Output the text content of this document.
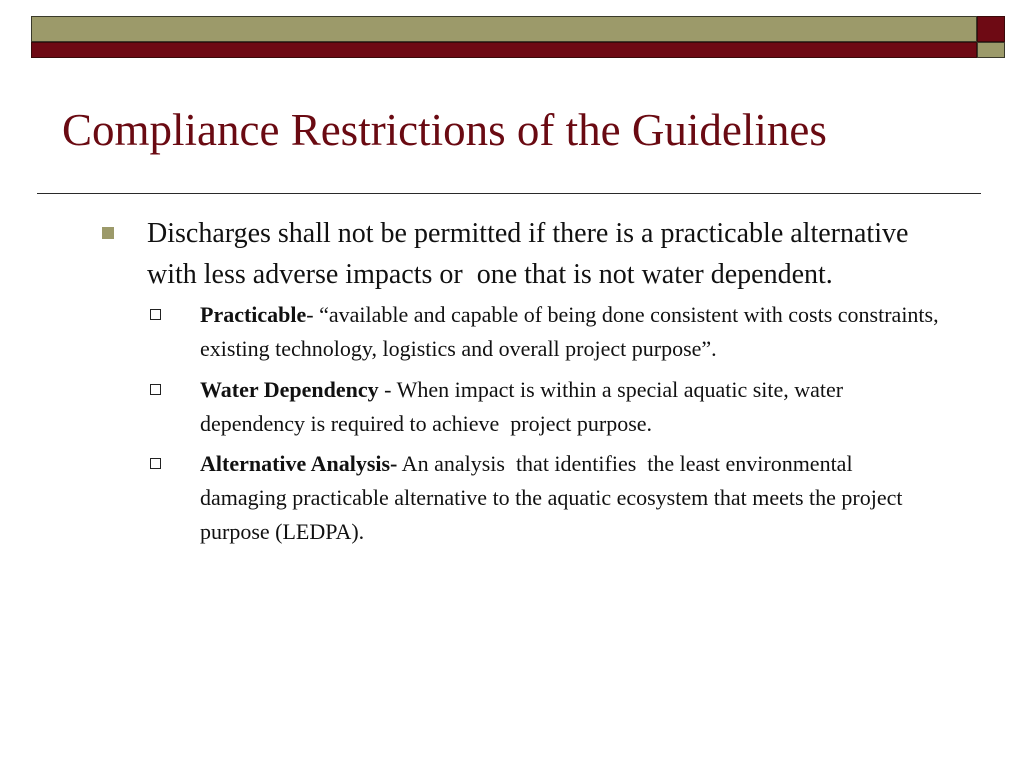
Compliance Restrictions of the Guidelines
Discharges shall not be permitted if there is a practicable alternative with less adverse impacts or  one that is not water dependent.
Practicable- “available and capable of being done consistent with costs constraints, existing technology, logistics and overall project purpose”.
Water Dependency - When impact is within a special aquatic site, water dependency is required to achieve  project purpose.
Alternative Analysis- An analysis  that identifies  the least environmental damaging practicable alternative to the aquatic ecosystem that meets the project purpose (LEDPA).
